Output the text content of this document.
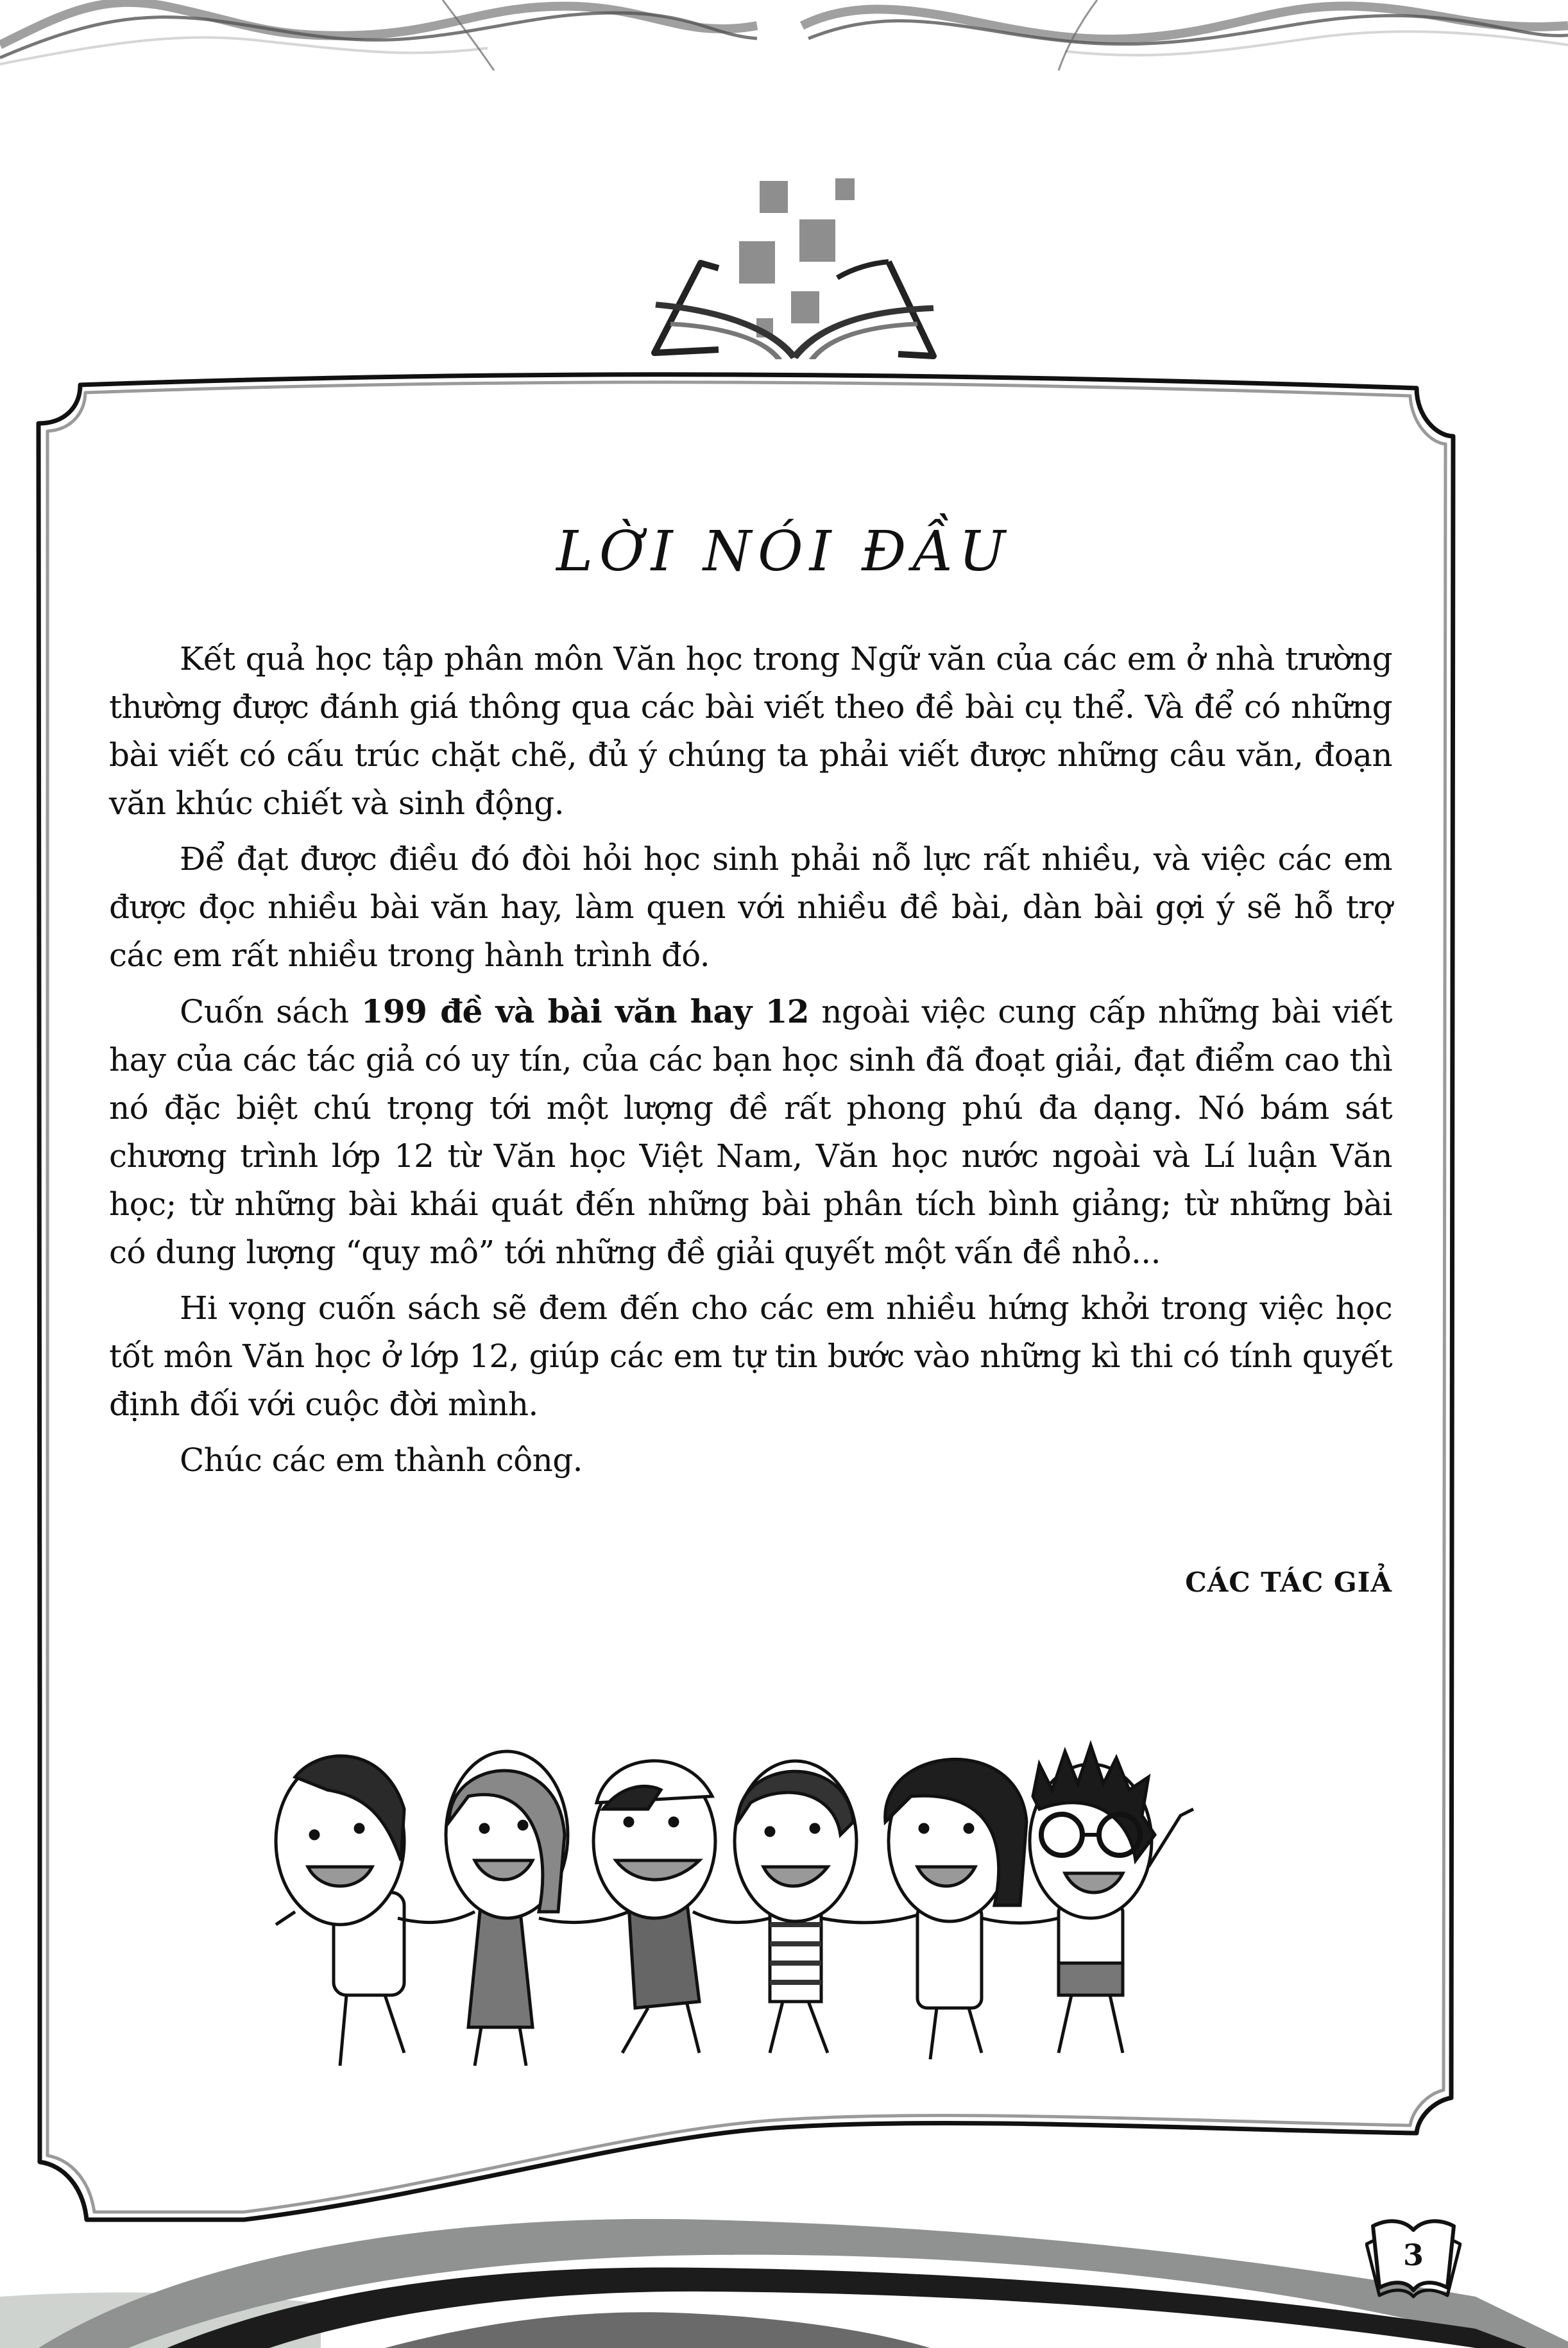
LỜI NÓI ĐẦU

Kết quả học tập phân môn Văn học trong Ngữ văn của các em ở nhà trường thường được đánh giá thông qua các bài viết theo đề bài cụ thể. Và để có những bài viết có cấu trúc chặt chẽ, đủ ý chúng ta phải viết được những câu văn, đoạn văn khúc chiết và sinh động.

Để đạt được điều đó đòi hỏi học sinh phải nỗ lực rất nhiều, và việc các em được đọc nhiều bài văn hay, làm quen với nhiều đề bài, dàn bài gợi ý sẽ hỗ trợ các em rất nhiều trong hành trình đó.

Cuốn sách 199 đề và bài văn hay 12 ngoài việc cung cấp những bài viết hay của các tác giả có uy tín, của các bạn học sinh đã đoạt giải, đạt điểm cao thì nó đặc biệt chú trọng tới một lượng đề rất phong phú đa dạng. Nó bám sát chương trình lớp 12 từ Văn học Việt Nam, Văn học nước ngoài và Lí luận Văn học; từ những bài khái quát đến những bài phân tích bình giảng; từ những bài có dung lượng “quy mô” tới những đề giải quyết một vấn đề nhỏ...

Hi vọng cuốn sách sẽ đem đến cho các em nhiều hứng khởi trong việc học tốt môn Văn học ở lớp 12, giúp các em tự tin bước vào những kì thi có tính quyết định đối với cuộc đời mình.

Chúc các em thành công.

CÁC TÁC GIẢ
3
